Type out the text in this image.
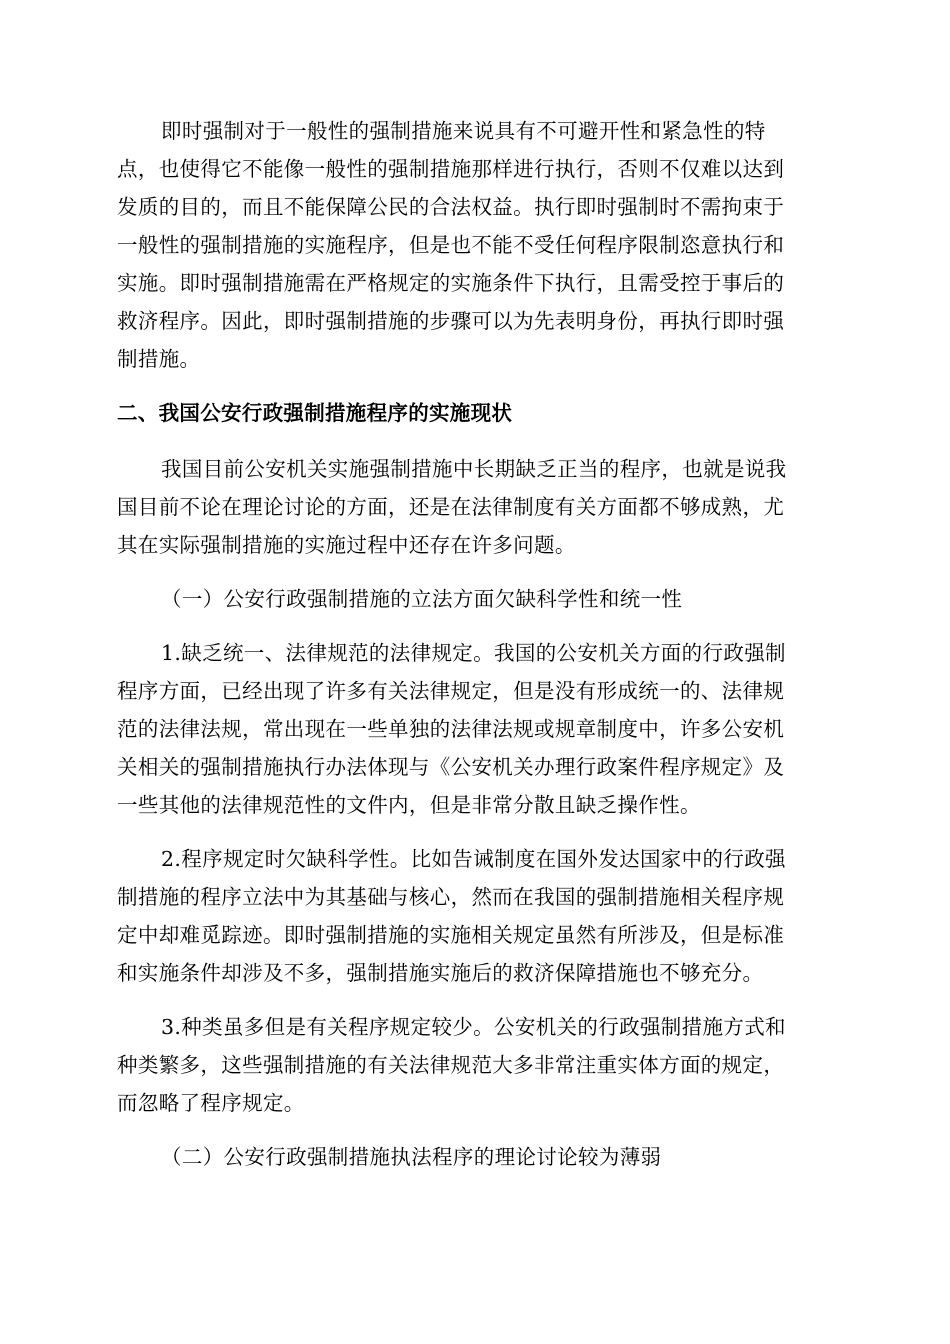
即时强制对于一般性的强制措施来说具有不可避开性和紧急性的特
点，也使得它不能像一般性的强制措施那样进行执行，否则不仅难以达到
发质的目的，而且不能保障公民的合法权益。执行即时强制时不需拘束于
一般性的强制措施的实施程序，但是也不能不受任何程序限制恣意执行和
实施。即时强制措施需在严格规定的实施条件下执行，且需受控于事后的
救济程序。因此，即时强制措施的步骤可以为先表明身份，再执行即时强
制措施。
二、我国公安行政强制措施程序的实施现状
我国目前公安机关实施强制措施中长期缺乏正当的程序，也就是说我
国目前不论在理论讨论的方面，还是在法律制度有关方面都不够成熟，尤
其在实际强制措施的实施过程中还存在许多问题。
（一）公安行政强制措施的立法方面欠缺科学性和统一性
1.缺乏统一、法律规范的法律规定。我国的公安机关方面的行政强制
程序方面，已经出现了许多有关法律规定，但是没有形成统一的、法律规
范的法律法规，常出现在一些单独的法律法规或规章制度中，许多公安机
关相关的强制措施执行办法体现与《公安机关办理行政案件程序规定》及
一些其他的法律规范性的文件内，但是非常分散且缺乏操作性。
2.程序规定时欠缺科学性。比如告诫制度在国外发达国家中的行政强
制措施的程序立法中为其基础与核心，然而在我国的强制措施相关程序规
定中却难觅踪迹。即时强制措施的实施相关规定虽然有所涉及，但是标准
和实施条件却涉及不多，强制措施实施后的救济保障措施也不够充分。
3.种类虽多但是有关程序规定较少。公安机关的行政强制措施方式和
种类繁多，这些强制措施的有关法律规范大多非常注重实体方面的规定，
而忽略了程序规定。
（二）公安行政强制措施执法程序的理论讨论较为薄弱
